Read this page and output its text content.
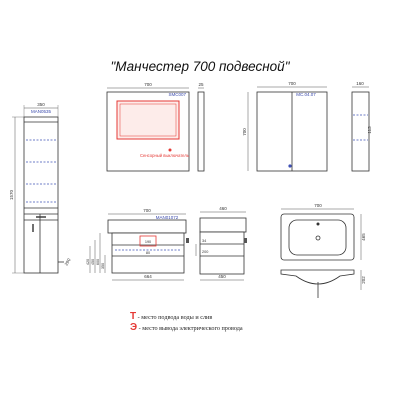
"Манчестер 700 подвесной"
350
MAN0535
1570
290
700
SMC007
25
Сенсорный выключатель
700
MC.04.07
700
160
113
700
MAN01072
664
190
80
600
450
420
350
460
450
34
200
700
465
202
Т - место подвода воды и слив
Э - место вывода электрического провода
